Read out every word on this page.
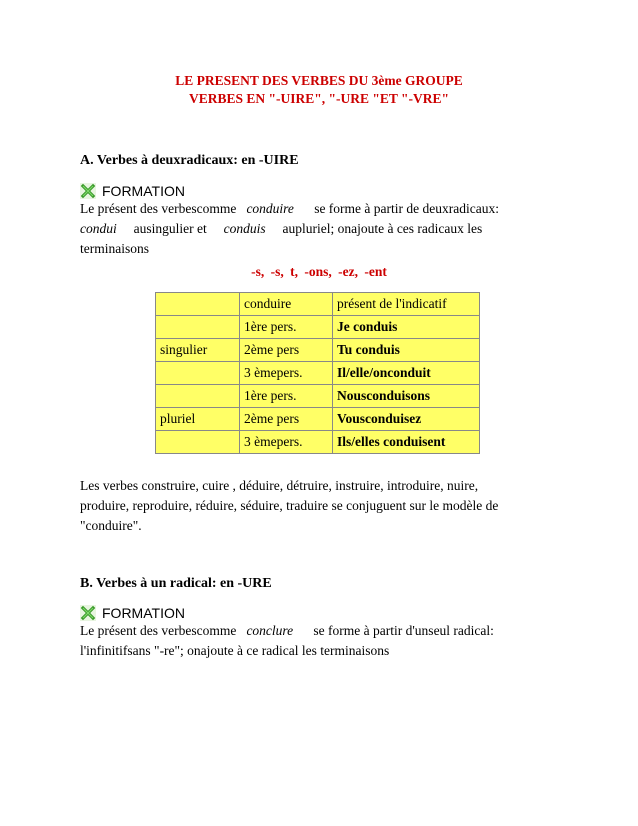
LE PRESENT DES VERBES DU 3ème GROUPE
VERBES EN "-UIRE", "-URE "ET "-VRE"
A. Verbes à deuxradicaux: en -UIRE
FORMATION
Le présent des verbescomme conduire se forme à partir de deuxradicaux:
condui ausingulier et conduis aupluriel; onajoute à ces radicaux les
terminaisons
-s, -s, t, -ons, -ez, -ent
	conduire	présent de l'indicatif
	1ère pers.	Je conduis
singulier	2ème pers	Tu conduis
	3 èmepers.	Il/elle/onconduit
	1ère pers.	Nousconduisons
pluriel	2ème pers	Vousconduisez
	3 èmepers.	Ils/elles conduisent
Les verbes construire, cuire , déduire, détruire, instruire, introduire, nuire,
produire, reproduire, réduire, séduire, traduire se conjuguent sur le modèle de
"conduire".
B. Verbes à un radical: en -URE
FORMATION
Le présent des verbescomme conclure se forme à partir d'unseul radical:
l'infinitifsans "-re"; onajoute à ce radical les terminaisons
